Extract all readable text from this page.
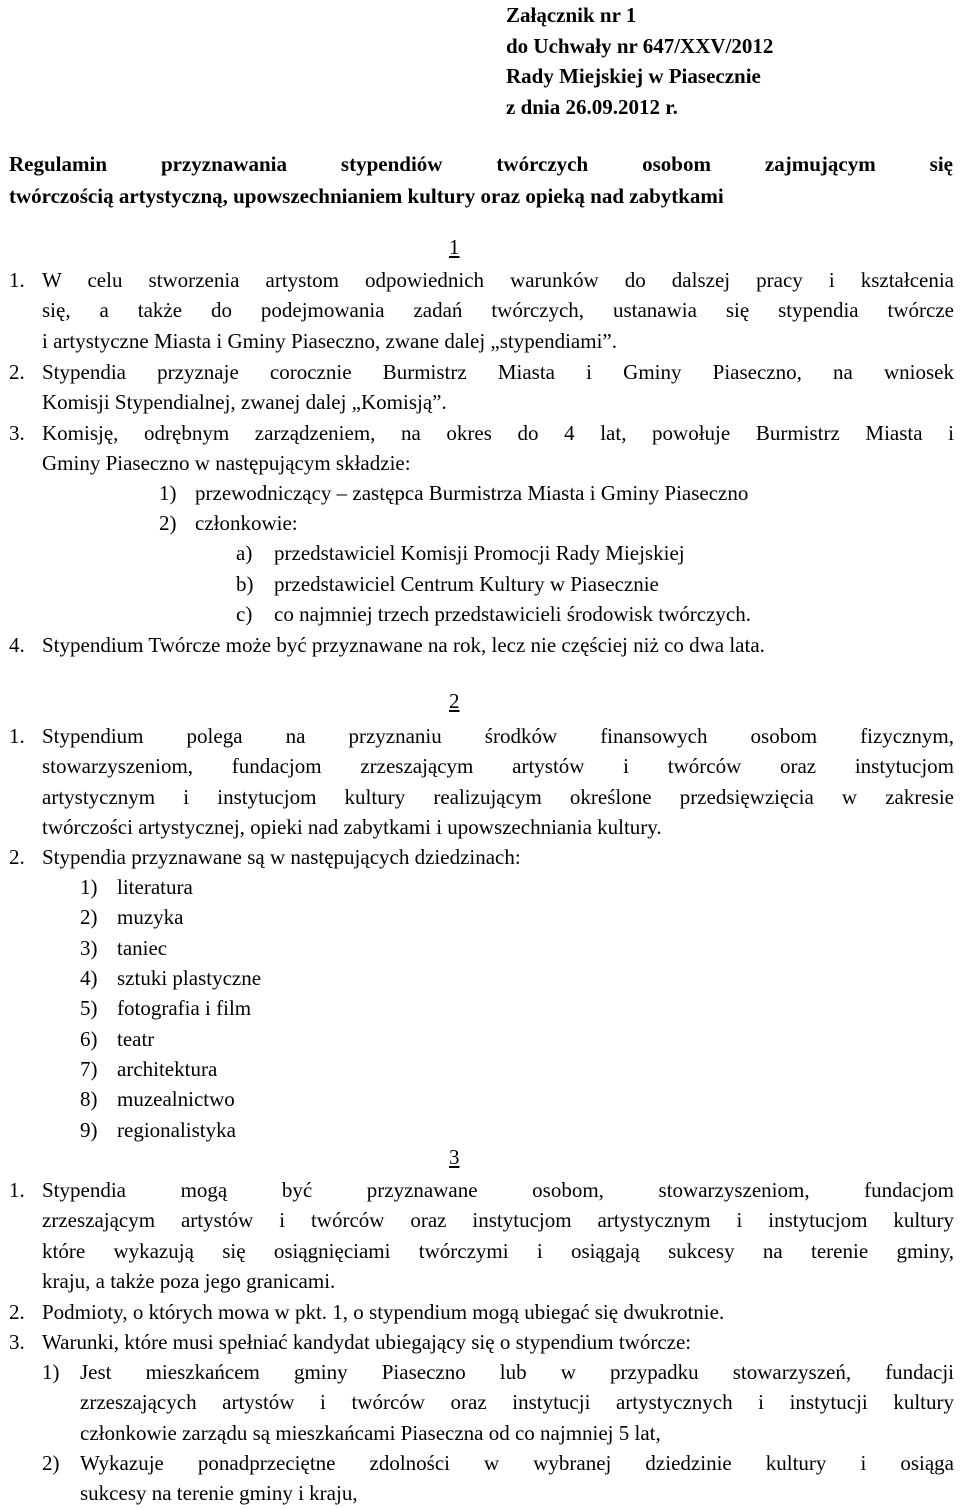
Załącznik nr 1
do Uchwały nr 647/XXV/2012
Rady Miejskiej w Piasecznie
z dnia 26.09.2012 r.
Regulamin przyznawania stypendiów twórczych osobom zajmującym się
twórczością artystyczną, upowszechnianiem kultury oraz opieką nad zabytkami
1
1. W celu stworzenia artystom odpowiednich warunków do dalszej pracy i kształcenia
się, a także do podejmowania zadań twórczych, ustanawia się stypendia twórcze
i artystyczne Miasta i Gminy Piaseczno, zwane dalej „stypendiami”.
2. Stypendia przyznaje corocznie Burmistrz Miasta i Gminy Piaseczno, na wniosek
Komisji Stypendialnej, zwanej dalej „Komisją”.
3. Komisję, odrębnym zarządzeniem, na okres do 4 lat, powołuje Burmistrz Miasta i
Gminy Piaseczno w następującym składzie:
1) przewodniczący – zastępca Burmistrza Miasta i Gminy Piaseczno
2) członkowie:
a) przedstawiciel Komisji Promocji Rady Miejskiej
b) przedstawiciel Centrum Kultury w Piasecznie
c) co najmniej trzech przedstawicieli środowisk twórczych.
4. Stypendium Twórcze może być przyznawane na rok, lecz nie częściej niż co dwa lata.
2
1. Stypendium polega na przyznaniu środków finansowych osobom fizycznym,
stowarzyszeniom, fundacjom zrzeszającym artystów i twórców oraz instytucjom
artystycznym i instytucjom kultury realizującym określone przedsięwzięcia w zakresie
twórczości artystycznej, opieki nad zabytkami i upowszechniania kultury.
2. Stypendia przyznawane są w następujących dziedzinach:
1) literatura
2) muzyka
3) taniec
4) sztuki plastyczne
5) fotografia i film
6) teatr
7) architektura
8) muzealnictwo
9) regionalistyka
3
1. Stypendia mogą być przyznawane osobom, stowarzyszeniom, fundacjom
zrzeszającym artystów i twórców oraz instytucjom artystycznym i instytucjom kultury
które wykazują się osiągnięciami twórczymi i osiągają sukcesy na terenie gminy,
kraju, a także poza jego granicami.
2. Podmioty, o których mowa w pkt. 1, o stypendium mogą ubiegać się dwukrotnie.
3. Warunki, które musi spełniać kandydat ubiegający się o stypendium twórcze:
1) Jest mieszkańcem gminy Piaseczno lub w przypadku stowarzyszeń, fundacji
zrzeszających artystów i twórców oraz instytucji artystycznych i instytucji kultury
członkowie zarządu są mieszkańcami Piaseczna od co najmniej 5 lat,
2) Wykazuje ponadprzeciętne zdolności w wybranej dziedzinie kultury i osiąga
sukcesy na terenie gminy i kraju,
